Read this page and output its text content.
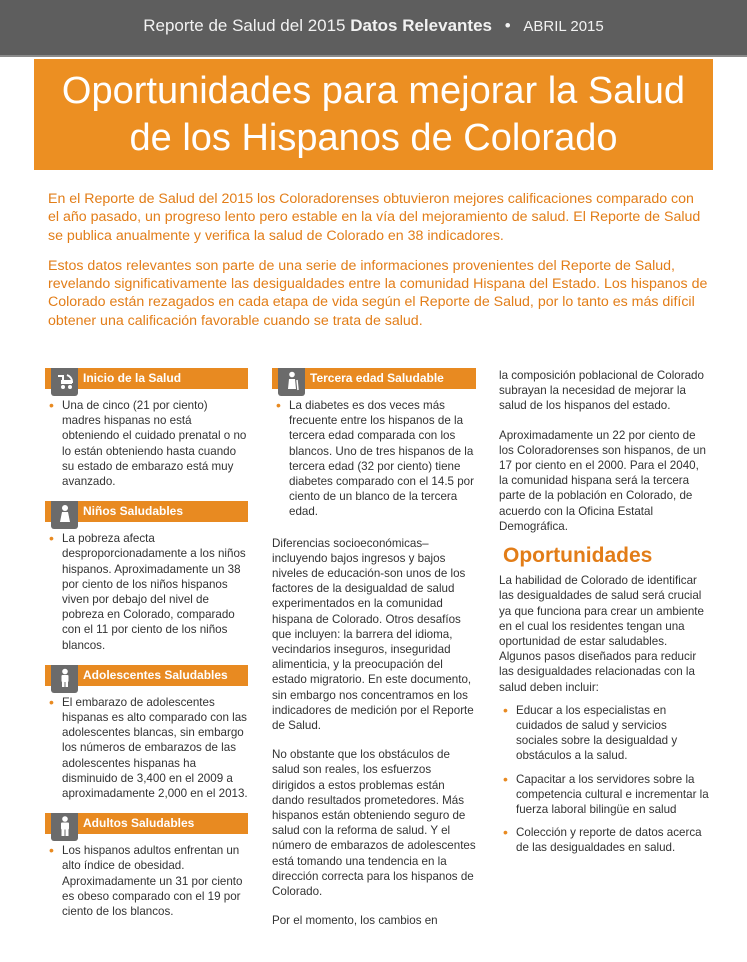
Reporte de Salud del 2015 Datos Relevantes • ABRIL 2015
Oportunidades para mejorar la Salud
de los Hispanos de Colorado

En el Reporte de Salud del 2015 los Coloradorenses obtuvieron mejores calificaciones comparado con el año pasado, un progreso lento pero estable en la vía del mejoramiento de salud. El Reporte de Salud se publica anualmente y verifica la salud de Colorado en 38 indicadores.

Estos datos relevantes son parte de una serie de informaciones provenientes del Reporte de Salud, revelando significativamente las desigualdades entre la comunidad Hispana del Estado. Los hispanos de Colorado están rezagados en cada etapa de vida según el Reporte de Salud, por lo tanto es más difícil obtener una calificación favorable cuando se trata de salud.

Inicio de la Salud
• Una de cinco (21 por ciento) madres hispanas no está obteniendo el cuidado prenatal o no lo están obteniendo hasta cuando su estado de embarazo está muy avanzado.
Niños Saludables
• La pobreza afecta desproporcionadamente a los niños hispanos. Aproximadamente un 38 por ciento de los niños hispanos viven por debajo del nivel de pobreza en Colorado, comparado con el 11 por ciento de los niños blancos.
Adolescentes Saludables
• El embarazo de adolescentes hispanas es alto comparado con las adolescentes blancas, sin embargo los números de embarazos de las adolescentes hispanas ha disminuido de 3,400 en el 2009 a aproximadamente 2,000 en el 2013.
Adultos Saludables
• Los hispanos adultos enfrentan un alto índice de obesidad. Aproximadamente un 31 por ciento es obeso comparado con el 19 por ciento de los blancos.
Tercera edad Saludable
• La diabetes es dos veces más frecuente entre los hispanos de la tercera edad comparada con los blancos. Uno de tres hispanos de la tercera edad (32 por ciento) tiene diabetes comparado con el 14.5 por ciento de un blanco de la tercera edad.

Diferencias socioeconómicas–incluyendo bajos ingresos y bajos niveles de educación-son unos de los factores de la desigualdad de salud experimentados en la comunidad hispana de Colorado. Otros desafíos que incluyen: la barrera del idioma, vecindarios inseguros, inseguridad alimenticia, y la preocupación del estado migratorio. En este documento, sin embargo nos concentramos en los indicadores de medición por el Reporte de Salud.

No obstante que los obstáculos de salud son reales, los esfuerzos dirigidos a estos problemas están dando resultados prometedores. Más hispanos están obteniendo seguro de salud con la reforma de salud. Y el número de embarazos de adolescentes está tomando una tendencia en la dirección correcta para los hispanos de Colorado.

Por el momento, los cambios en

la composición poblacional de Colorado subrayan la necesidad de mejorar la salud de los hispanos del estado.

Aproximadamente un 22 por ciento de los Coloradorenses son hispanos, de un 17 por ciento en el 2000. Para el 2040, la comunidad hispana será la tercera parte de la población en Colorado, de acuerdo con la Oficina Estatal Demográfica.

Oportunidades

La habilidad de Colorado de identificar las desigualdades de salud será crucial ya que funciona para crear un ambiente en el cual los residentes tengan una oportunidad de estar saludables. Algunos pasos diseñados para reducir las desigualdades relacionadas con la salud deben incluir:

• Educar a los especialistas en cuidados de salud y servicios sociales sobre la desigualdad y obstáculos a la salud.
• Capacitar a los servidores sobre la competencia cultural e incrementar la fuerza laboral bilingüe en salud
• Colección y reporte de datos acerca de las desigualdades en salud.
